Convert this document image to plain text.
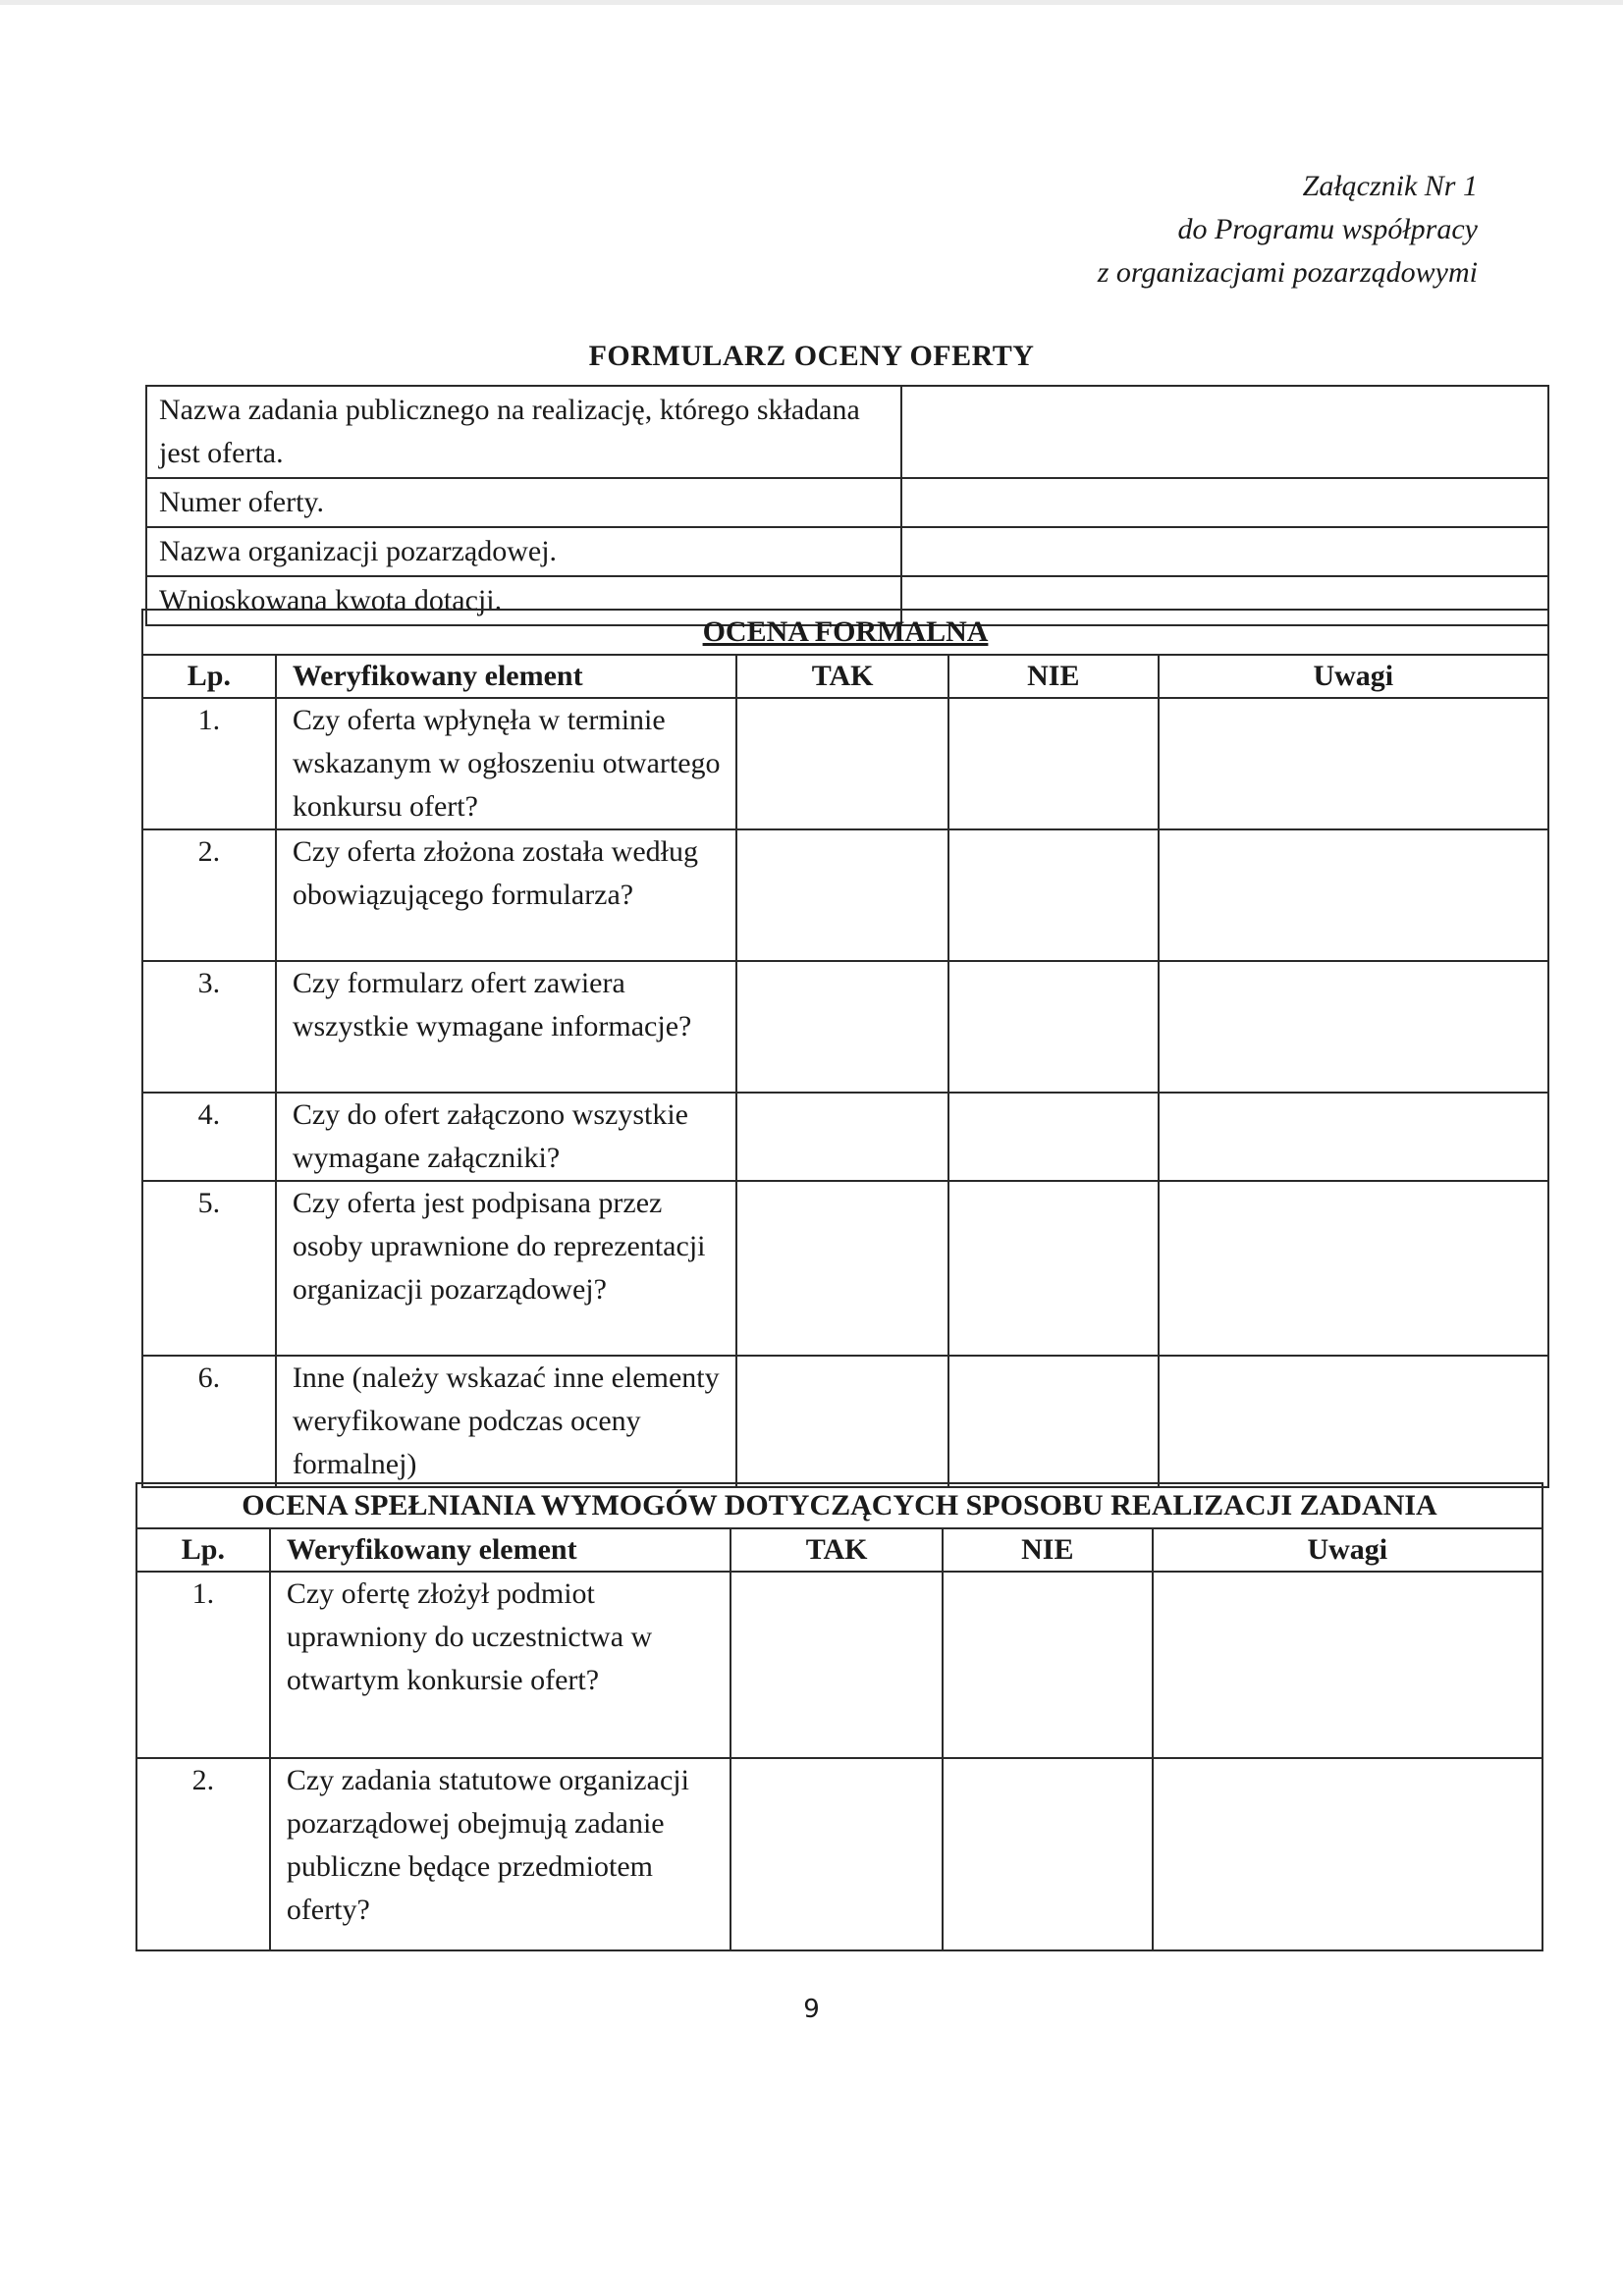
Załącznik Nr 1
do Programu współpracy
z organizacjami pozarządowymi
FORMULARZ OCENY OFERTY
Nazwa zadania publicznego na realizację, którego składana jest oferta.	
Numer oferty.	
Nazwa organizacji pozarządowej.	
Wnioskowana kwota dotacji.	
OCENA FORMALNA				
Lp.	Weryfikowany element	TAK	NIE	Uwagi
1.	Czy oferta wpłynęła w terminie wskazanym w ogłoszeniu otwartego konkursu ofert?			
2.	Czy oferta złożona została według obowiązującego formularza?			
3.	Czy formularz ofert zawiera wszystkie wymagane informacje?			
4.	Czy do ofert załączono wszystkie wymagane załączniki?			
5.	Czy oferta jest podpisana przez osoby uprawnione do reprezentacji organizacji pozarządowej?			
6.	Inne (należy wskazać inne elementy weryfikowane podczas oceny formalnej)			
OCENA SPEŁNIANIA WYMOGÓW DOTYCZĄCYCH SPOSOBU REALIZACJI ZADANIA				
Lp.	Weryfikowany element	TAK	NIE	Uwagi
1.	Czy ofertę złożył podmiot uprawniony do uczestnictwa w otwartym konkursie ofert?			
2.	Czy zadania statutowe organizacji pozarządowej obejmują zadanie publiczne będące przedmiotem oferty?			
9
